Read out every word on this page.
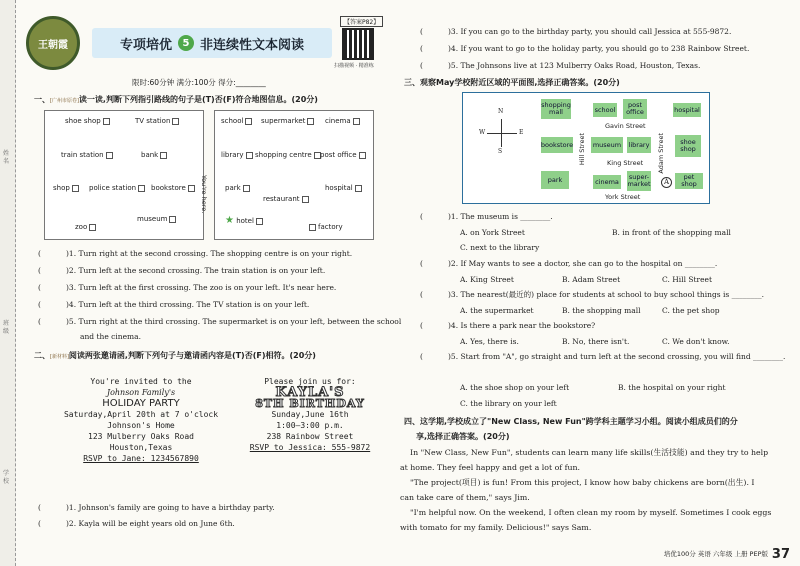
姓名
班级
学校
王朝霞	专项培优	5 非连续性文本阅读
【答案P82】
扫描视频 · 精准练
限时:60分钟 满分:100分 得分:________
一、[广州市原卷]读一读,判断下列指引路线的句子是(T)否(F)符合地图信息。(20分)
shoe shop	TV station
train station	bank
shop	police station	bookstore
zoo
museum
You're here.
school	supermarket	cinema
library	shopping centre	post office
park
restaurant
hospital
★ hotel
factory
(	)1. Turn right at the second crossing. The shopping centre is on your right.
(	)2. Turn left at the second crossing. The train station is on your left.
(	)3. Turn left at the first crossing. The zoo is on your left. It's near here.
(	)4. Turn left at the third crossing. The TV station is on your left.
(	)5. Turn right at the third crossing. The supermarket is on your left, between the school
and the cinema.
二、[新材料]阅读两张邀请函,判断下列句子与邀请函内容是(T)否(F)相符。(20分)
You're invited to the
Johnson Family's
HOLIDAY PARTY
Saturday,April 20th at 7 o'clock
Johnson's Home
123 Mulberry Oaks Road
Houston,Texas
RSVP to Jane: 1234567890
Please join us for:
KAYLA'S
8TH BIRTHDAY
Sunday,June 16th
1:00—3:00 p.m.
238 Rainbow Street
RSVP to Jessica: 555-9872
(	)1. Johnson's family are going to have a birthday party.
(	)2. Kayla will be eight years old on June 6th.
(	)3. If you can go to the birthday party, you should call Jessica at 555-9872.
(	)4. If you want to go to the holiday party, you should go to 238 Rainbow Street.
(	)5. The Johnsons live at 123 Mulberry Oaks Road, Houston, Texas.
三、观察May学校附近区域的平面图,选择正确答案。(20分)
N
W	E
S
shopping mall	school
post office	hospital
Gavin Street
bookstore Hill Street museum library Adam Street	shoe shop
King Street
park	cinema
super-market	A
pet shop
York Street
(	)1. The museum is ________.
A. on York Street	B. in front of the shopping mall
C. next to the library
(	)2. If May wants to see a doctor, she can go to the hospital on ________.
A. King Street	B. Adam Street	C. Hill Street
(	)3. The nearest(最近的) place for students at school to buy school things is ________.
A. the supermarket	B. the shopping mall	C. the pet shop
(	)4. Is there a park near the bookstore?
A. Yes, there is.	B. No, there isn't.	C. We don't know.
(	)5. Start from "A", go straight and turn left at the second crossing, you will find ________.
A. the shoe shop on your left	B. the hospital on your right
C. the library on your left
四、这学期,学校成立了"New Class, New Fun"跨学科主题学习小组。阅读小组成员们的分
享,选择正确答案。(20分)
In "New Class, New Fun", students can learn many life skills(生活技能) and they try to help
at home. They feel happy and get a lot of fun.
"The project(项目) is fun! From this project, I know how baby chickens are born(出生). I
can take care of them," says Jim.
"I'm helpful now. On the weekend, I often clean my room by myself. Sometimes I cook eggs
with tomato for my family. Delicious!" says Sam.
培优100分 英语 六年级 上册 PEP版 37
